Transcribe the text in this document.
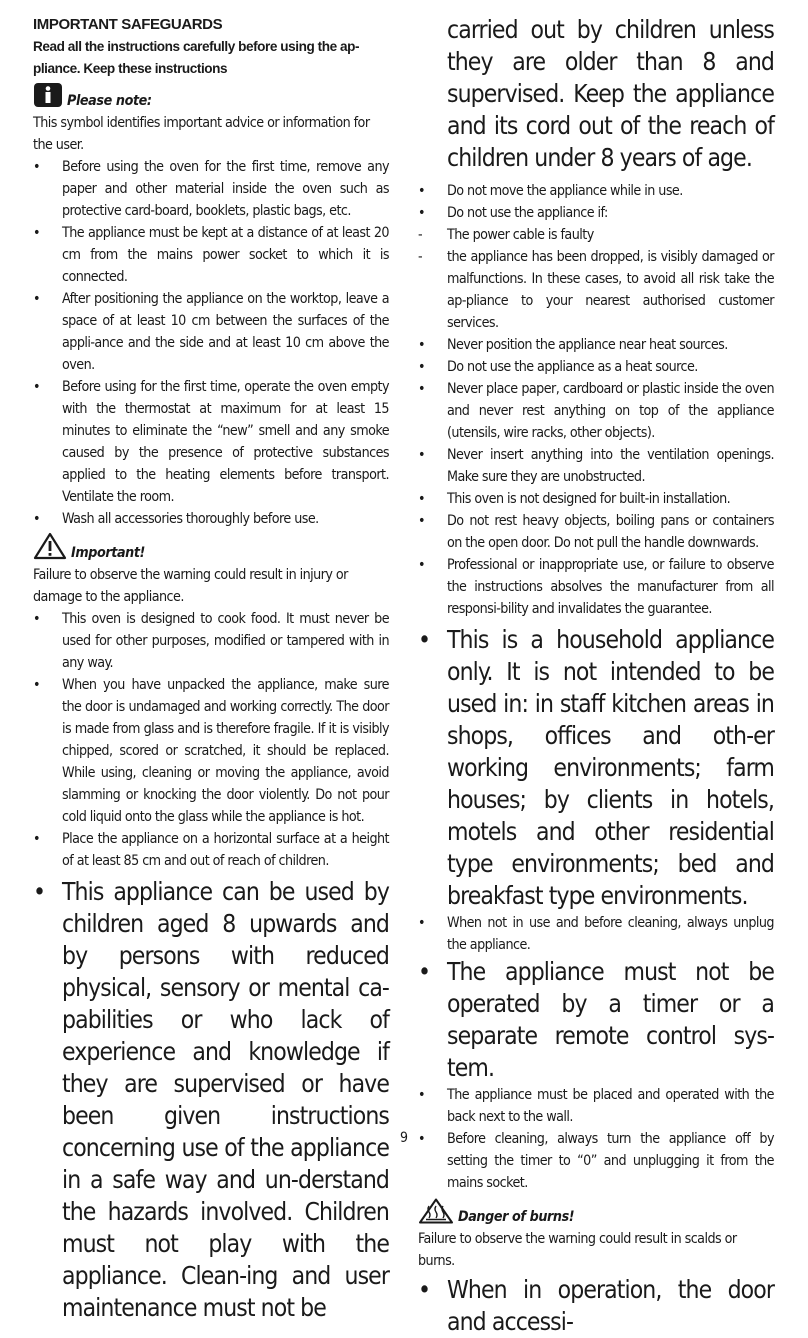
IMPORTANT SAFEGUARDS

Read all the instructions carefully before using the ap-pliance. Keep these instructions

Please note:

This symbol identifies important advice or information for the user.

• Before using the oven for the first time, remove any paper and other material inside the oven such as protective card-board, booklets, plastic bags, etc.
• The appliance must be kept at a distance of at least 20 cm from the mains power socket to which it is connected.
• After positioning the appliance on the worktop, leave a space of at least 10 cm between the surfaces of the appli-ance and the side and at least 10 cm above the oven.
• Before using for the first time, operate the oven empty with the thermostat at maximum for at least 15 minutes to eliminate the “new” smell and any smoke caused by the presence of protective substances applied to the heating elements before transport. Ventilate the room.
• Wash all accessories thoroughly before use.
Important!

Failure to observe the warning could result in injury or damage to the appliance.

• This oven is designed to cook food. It must never be used for other purposes, modified or tampered with in any way.
• When you have unpacked the appliance, make sure the door is undamaged and working correctly. The door is made from glass and is therefore fragile. If it is visibly chipped, scored or scratched, it should be replaced. While using, cleaning or moving the appliance, avoid slamming or knocking the door violently. Do not pour cold liquid onto the glass while the appliance is hot.
• Place the appliance on a horizontal surface at a height of at least 85 cm and out of reach of children.
• This appliance can be used by children aged 8 upwards and by persons with reduced physical, sensory or mental ca-pabilities or who lack of experience and knowledge if they are supervised or have been given instructions concerning use of the appliance in a safe way and un-derstand the hazards involved. Children must not play with the appliance. Clean-ing and user maintenance must not be

carried out by children unless they are older than 8 and supervised. Keep the appliance and its cord out of the reach of children under 8 years of age.

• Do not move the appliance while in use.
• Do not use the appliance if:
- The power cable is faulty
- the appliance has been dropped, is visibly damaged or malfunctions. In these cases, to avoid all risk take the ap-pliance to your nearest authorised customer services.
• Never position the appliance near heat sources.
• Do not use the appliance as a heat source.
• Never place paper, cardboard or plastic inside the oven and never rest anything on top of the appliance (utensils, wire racks, other objects).
• Never insert anything into the ventilation openings. Make sure they are unobstructed.
• This oven is not designed for built-in installation.
• Do not rest heavy objects, boiling pans or containers on the open door. Do not pull the handle downwards.
• Professional or inappropriate use, or failure to observe the instructions absolves the manufacturer from all responsi-bility and invalidates the guarantee.
• This is a household appliance only. It is not intended to be used in: in staff kitchen areas in shops, offices and oth-er working environments; farm houses; by clients in hotels, motels and other residential type environments; bed and breakfast type environments.
• When not in use and before cleaning, always unplug the appliance.
• The appliance must not be operated by a timer or a separate remote control sys-tem.
• The appliance must be placed and operated with the back next to the wall.
• Before cleaning, always turn the appliance off by setting the timer to “0” and unplugging it from the mains socket.
Danger of burns!

Failure to observe the warning could result in scalds or burns.

• When in operation, the door and accessi-
9
